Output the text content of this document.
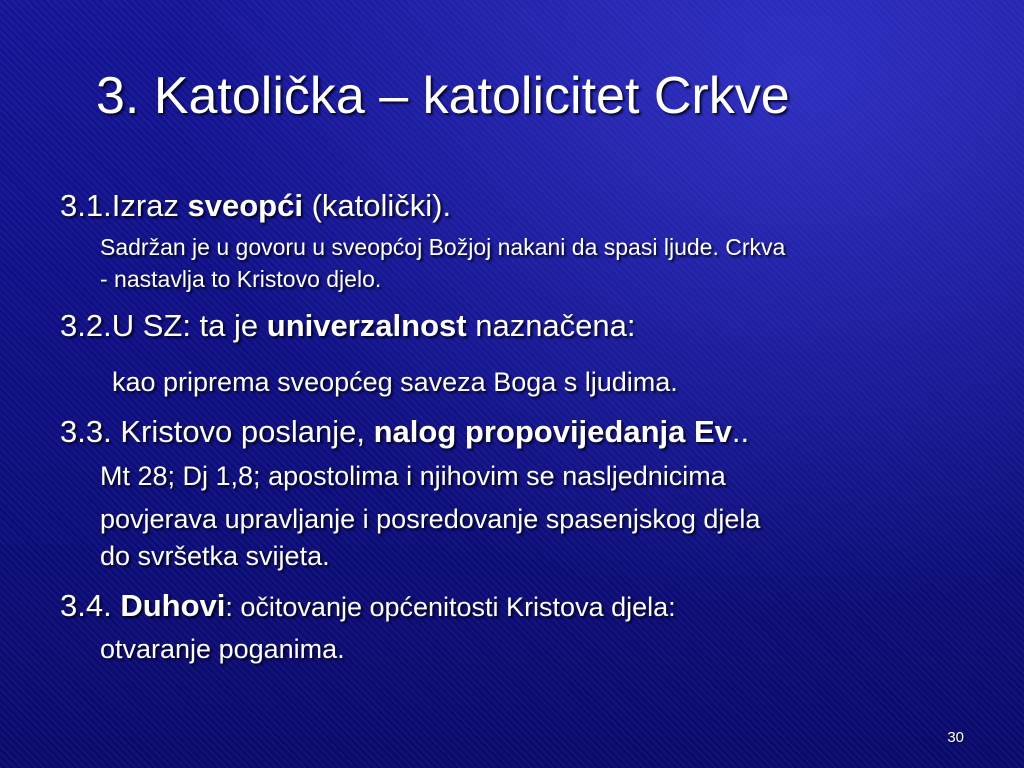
3. Katolička – katolicitet Crkve
3.1.Izraz sveopći (katolički).
Sadržan je u govoru u sveopćoj Božjoj nakani da spasi ljude. Crkva
- nastavlja to Kristovo djelo.
3.2.U SZ: ta je univerzalnost naznačena:
kao priprema sveopćeg saveza Boga s ljudima.
3.3. Kristovo poslanje, nalog propovijedanja Ev..
Mt 28; Dj 1,8; apostolima i njihovim se nasljednicima
povjerava upravljanje i posredovanje spasenjskog djela
do svršetka svijeta.
3.4. Duhovi: očitovanje općenitosti Kristova djela:
otvaranje poganima.
30
